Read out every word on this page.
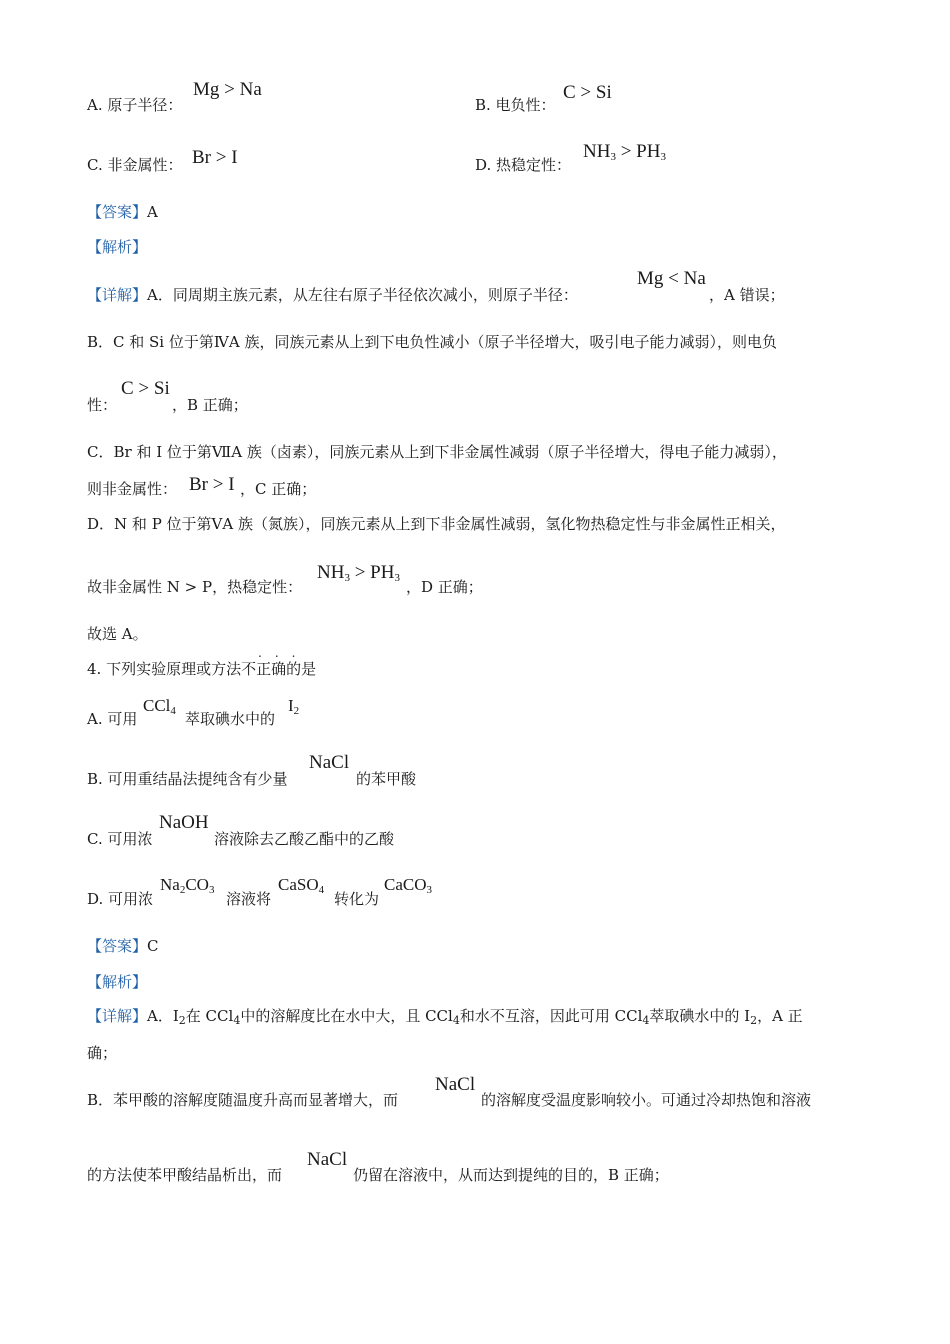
A. 原子半径：
Mg > Na
B. 电负性：
C > Si
C. 非金属性： Br > I	D. 热稳定性：
$NH_3 > PH_3$
【答案】A
【解析】
【详解】A．同周期主族元素，从左往右原子半径依次减小，则原子半径：
Mg < Na
，A 错误；
B．C 和 Si 位于第ⅣA 族，同族元素从上到下电负性减小（原子半径增大，吸引电子能力减弱），则电负
性：
C > Si
，B 正确；
C．Br 和 I 位于第ⅦA 族（卤素），同族元素从上到下非金属性减弱（原子半径增大，得电子能力减弱），
则非金属性： Br > I ，C 正确；
D．N 和 P 位于第ⅤA 族（氮族），同族元素从上到下非金属性减弱，氢化物热稳定性与非金属性正相关，
故非金属性 N > P，热稳定性：
$NH_3 > PH_3$ ，D 正确；
故选 A。
...
4. 下列实验原理或方法不正确的是
A. 可用
CCl$_4$ 萃取碘水中的
$I_2$
B. 可用重结晶法提纯含有少量
NaCl
的苯甲酸
C. 可用浓
NaOH
溶液除去乙酸乙酯中的乙酸
D. 可用浓
$Na_2CO_3$ 溶液将
CaSO$_4$ 转化为
CaCO$_3$
【答案】C
【解析】
【详解】A．$I_2$在 CCl$_4$中的溶解度比在水中大，且 CCl$_4$和水不互溶，因此可用 CCl$_4$萃取碘水中的 $I_2$，A 正
确；
B．苯甲酸的溶解度随温度升高而显著增大，而
NaCl
的溶解度受温度影响较小。可通过冷却热饱和溶液
的方法使苯甲酸结晶析出，而
NaCl
仍留在溶液中，从而达到提纯的目的，B 正确；
